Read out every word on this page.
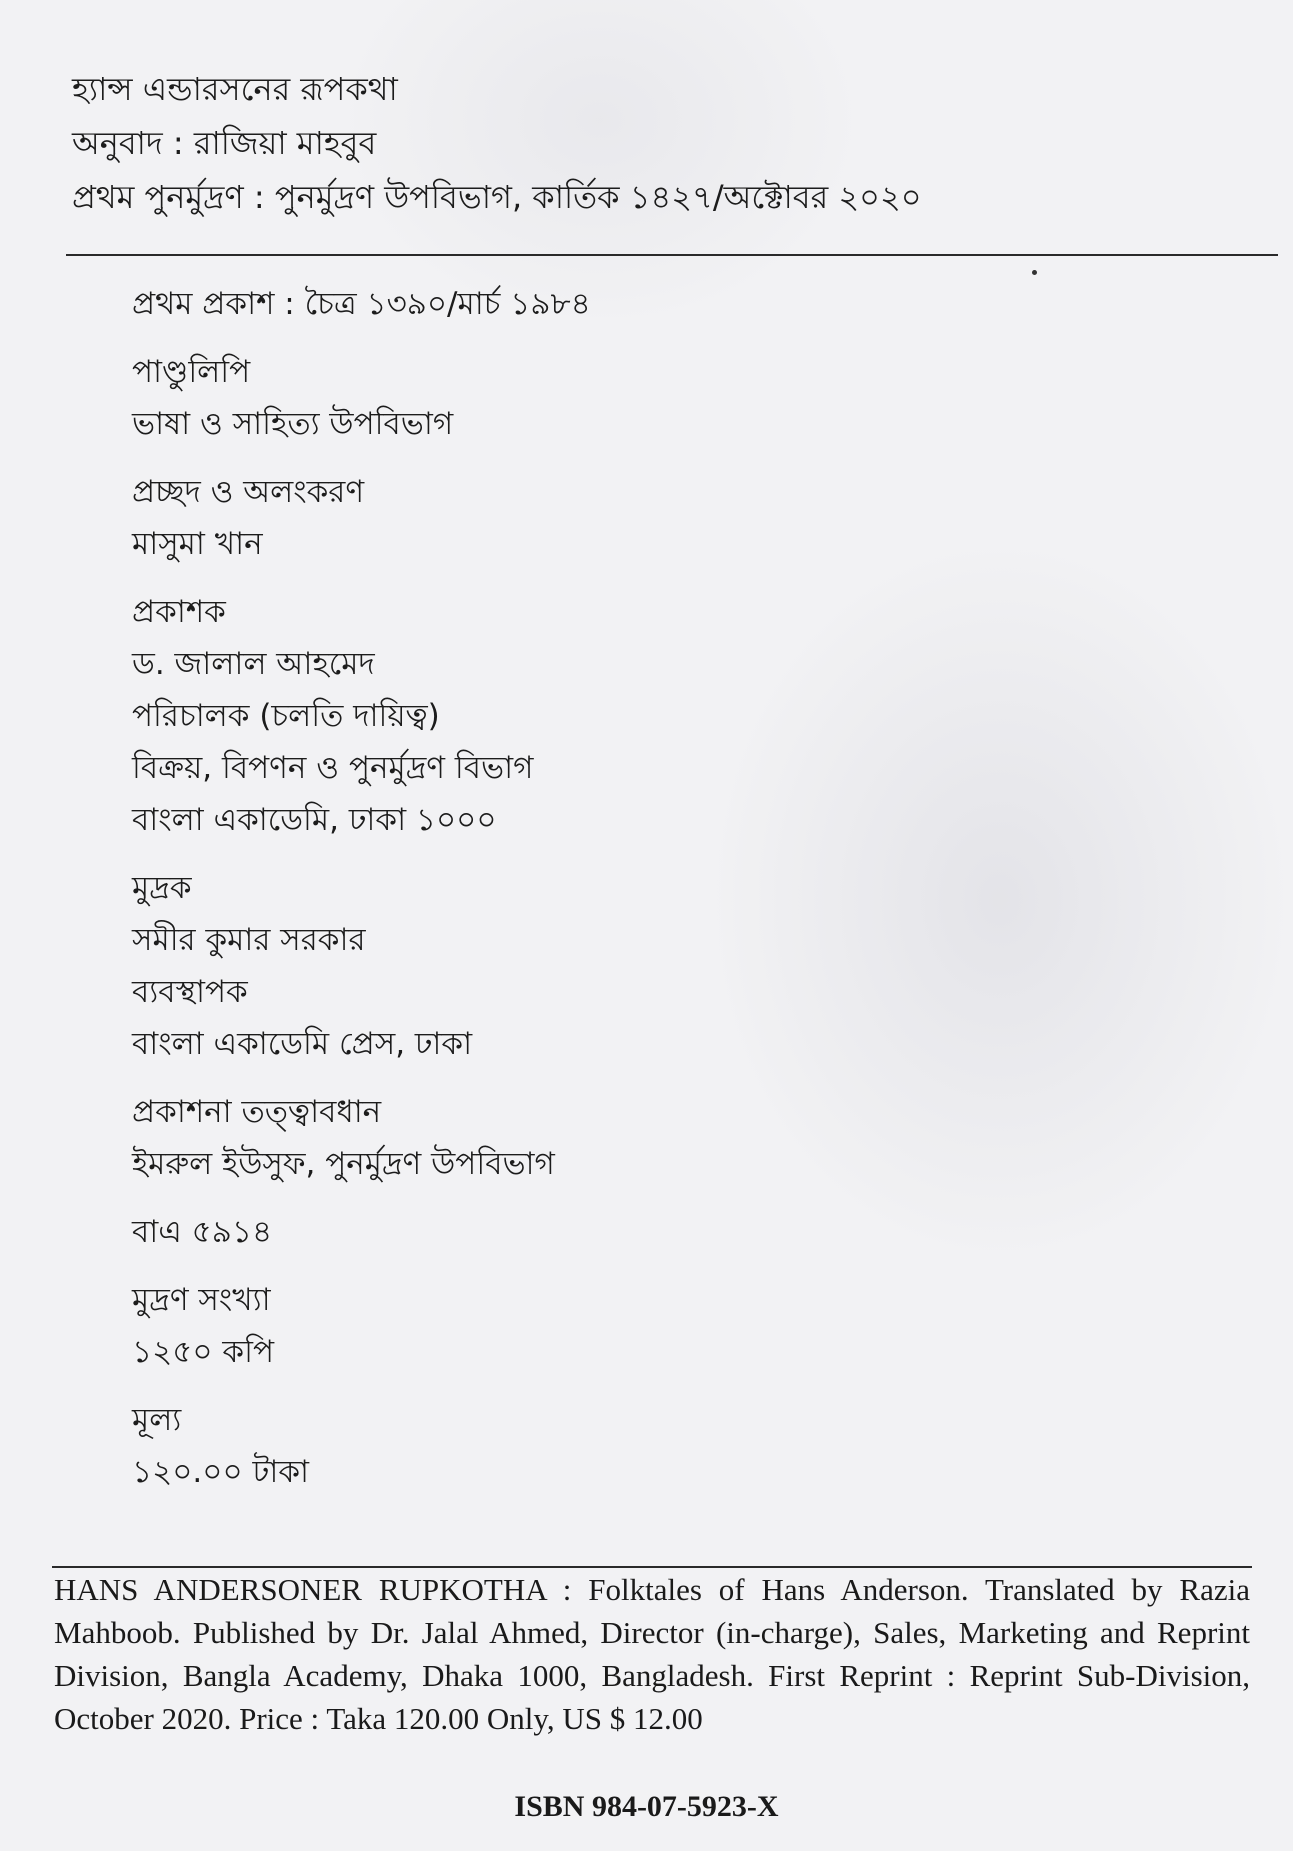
হ্যান্স এন্ডারসনের রূপকথা
অনুবাদ : রাজিয়া মাহবুব
প্রথম পুনর্মুদ্রণ : পুনর্মুদ্রণ উপবিভাগ, কার্তিক ১৪২৭/অক্টোবর ২০২০
প্রথম প্রকাশ : চৈত্র ১৩৯০/মার্চ ১৯৮৪
পাণ্ডুলিপি
ভাষা ও সাহিত্য উপবিভাগ
প্রচ্ছদ ও অলংকরণ
মাসুমা খান
প্রকাশক
ড. জালাল আহমেদ
পরিচালক (চলতি দায়িত্ব)
বিক্রয়, বিপণন ও পুনর্মুদ্রণ বিভাগ
বাংলা একাডেমি, ঢাকা ১০০০
মুদ্রক
সমীর কুমার সরকার
ব্যবস্থাপক
বাংলা একাডেমি প্রেস, ঢাকা
প্রকাশনা তত্ত্বাবধান
ইমরুল ইউসুফ, পুনর্মুদ্রণ উপবিভাগ
বাএ ৫৯১৪
মুদ্রণ সংখ্যা
১২৫০ কপি
মূল্য
১২০.০০ টাকা
HANS ANDERSONER RUPKOTHA : Folktales of Hans Anderson. Translated by Razia Mahboob. Published by Dr. Jalal Ahmed, Director (in-charge), Sales, Marketing and Reprint Division, Bangla Academy, Dhaka 1000, Bangladesh. First Reprint : Reprint Sub-Division, October 2020. Price : Taka 120.00 Only, US $ 12.00
ISBN 984-07-5923-X
